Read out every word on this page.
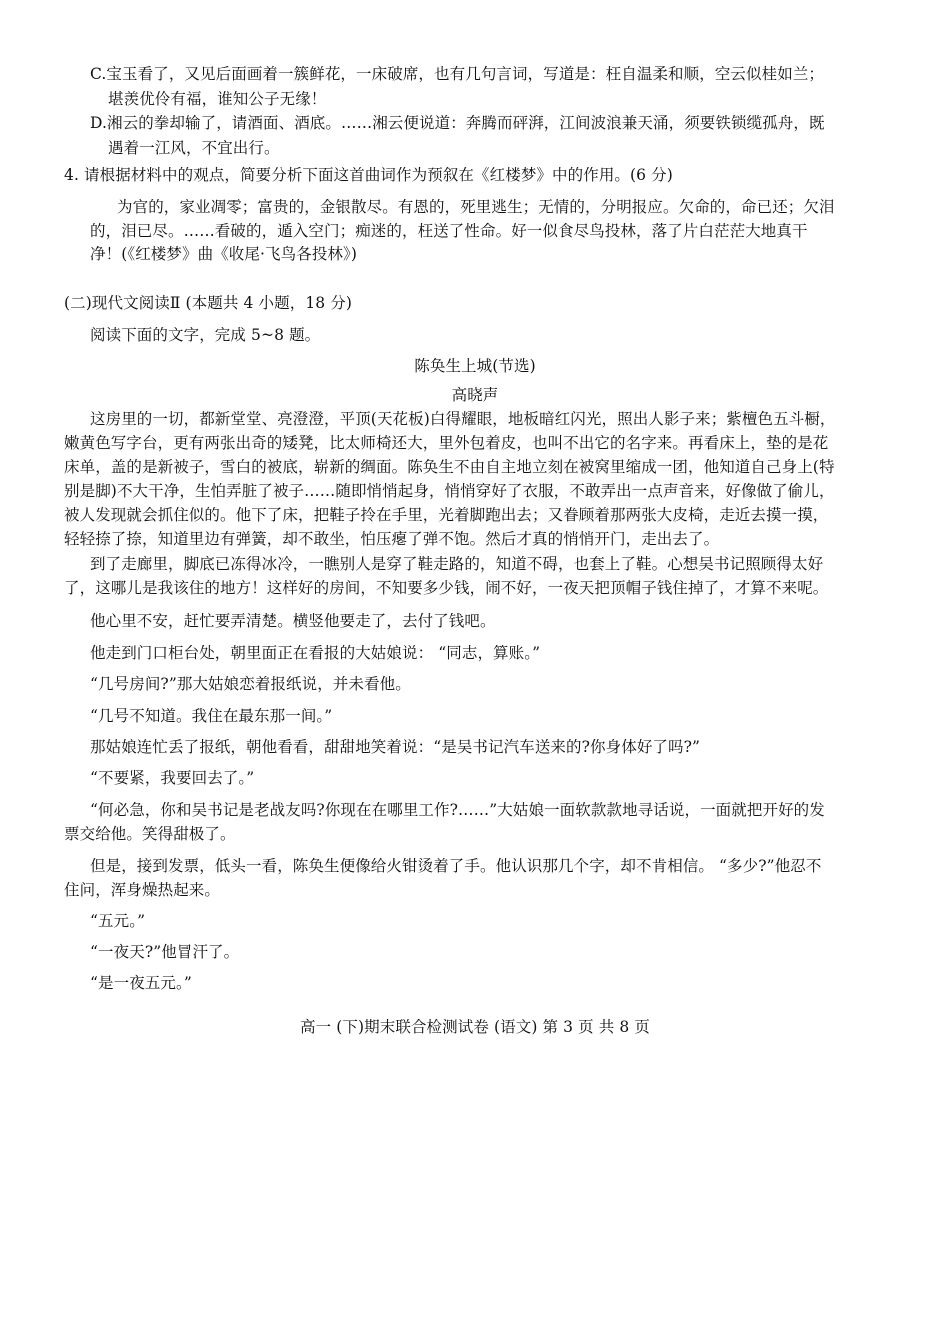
C.宝玉看了，又见后面画着一簇鲜花，一床破席，也有几句言词，写道是：枉自温柔和顺，空云似桂如兰；
堪羡优伶有福，谁知公子无缘！
D.湘云的拳却输了，请酒面、酒底。……湘云便说道：奔腾而砰湃，江间波浪兼天涌，须要铁锁缆孤舟，既
遇着一江风，不宜出行。
4. 请根据材料中的观点，简要分析下面这首曲词作为预叙在《红楼梦》中的作用。(6 分)
为官的，家业凋零；富贵的，金银散尽。有恩的，死里逃生；无情的，分明报应。欠命的，命已还；欠泪
的，泪已尽。……看破的，遁入空门；痴迷的，枉送了性命。好一似食尽鸟投林，落了片白茫茫大地真干
净！(《红楼梦》曲《收尾·飞鸟各投林》)
(二)现代文阅读Ⅱ (本题共 4 小题，18 分)
阅读下面的文字，完成 5~8 题。
陈奂生上城(节选)
高晓声
这房里的一切，都新堂堂、亮澄澄，平顶(天花板)白得耀眼，地板暗红闪光，照出人影子来；紫檀色五斗橱，
嫩黄色写字台，更有两张出奇的矮凳，比太师椅还大，里外包着皮，也叫不出它的名字来。再看床上，垫的是花
床单，盖的是新被子，雪白的被底，崭新的绸面。陈奂生不由自主地立刻在被窝里缩成一团，他知道自己身上(特
别是脚)不大干净，生怕弄脏了被子……随即悄悄起身，悄悄穿好了衣服，不敢弄出一点声音来，好像做了偷儿，
被人发现就会抓住似的。他下了床，把鞋子拎在手里，光着脚跑出去；又眷顾着那两张大皮椅，走近去摸一摸，
轻轻捺了捺，知道里边有弹簧，却不敢坐，怕压瘪了弹不饱。然后才真的悄悄开门，走出去了。
到了走廊里，脚底已冻得冰冷，一瞧别人是穿了鞋走路的，知道不碍，也套上了鞋。心想吴书记照顾得太好
了，这哪儿是我该住的地方！这样好的房间，不知要多少钱，闹不好，一夜天把顶帽子钱住掉了，才算不来呢。
他心里不安，赶忙要弄清楚。横竖他要走了，去付了钱吧。
他走到门口柜台处，朝里面正在看报的大姑娘说： “同志，算账。”
“几号房间?”那大姑娘恋着报纸说，并未看他。
“几号不知道。我住在最东那一间。”
那姑娘连忙丢了报纸，朝他看看，甜甜地笑着说：“是吴书记汽车送来的?你身体好了吗?”
“不要紧，我要回去了。”
“何必急，你和吴书记是老战友吗?你现在在哪里工作?……”大姑娘一面软款款地寻话说，一面就把开好的发
票交给他。笑得甜极了。
但是，接到发票，低头一看，陈奂生便像给火钳烫着了手。他认识那几个字，却不肯相信。 “多少?”他忍不
住问，浑身燥热起来。
“五元。”
“一夜天?”他冒汗了。
“是一夜五元。”
高一 (下)期末联合检测试卷 (语文) 第 3 页 共 8 页
